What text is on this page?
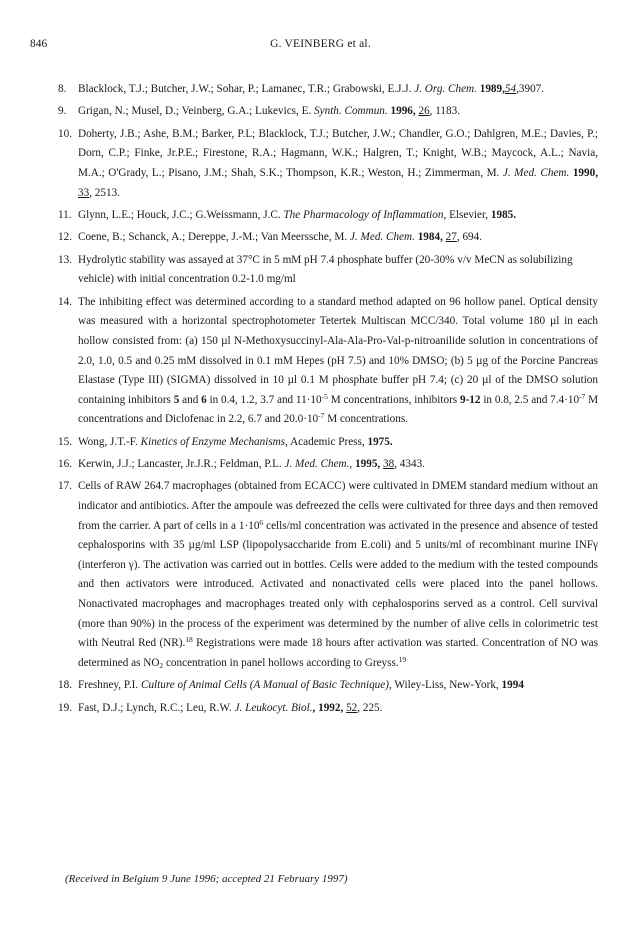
846	G. VEINBERG et al.
8.	Blacklock, T.J.; Butcher, J.W.; Sohar, P.; Lamanec, T.R.; Grabowski, E.J.J. J. Org. Chem. 1989,54,3907.
9.	Grigan, N.; Musel, D.; Veinberg, G.A.; Lukevics, E. Synth. Commun. 1996, 26, 1183.
10. Doherty, J.B.; Ashe, B.M.; Barker, P.L; Blacklock, T.J.; Butcher, J.W.; Chandler, G.O.; Dahlgren, M.E.; Davies, P.; Dorn, C.P.; Finke, Jr.P.E.; Firestone, R.A.; Hagmann, W.K.; Halgren, T.; Knight, W.B.; Maycock, A.L.; Navia, M.A.; O'Grady, L.; Pisano, J.M.; Shah, S.K.; Thompson, K.R.; Weston, H.; Zimmerman, M. J. Med. Chem. 1990, 33, 2513.
11. Glynn, L.E.; Houck, J.C.; G.Weissmann, J.C. The Pharmacology of Inflammation, Elsevier, 1985.
12. Coene, B.; Schanck, A.; Dereppe, J.-M.; Van Meerssche, M. J. Med. Chem. 1984, 27, 694.
13. Hydrolytic stability was assayed at 37°C in 5 mM pH 7.4 phosphate buffer (20-30% v/v MeCN as solubilizing vehicle) with initial concentration 0.2-1.0 mg/ml
14. The inhibiting effect was determined according to a standard method adapted on 96 hollow panel. Optical density was measured with a horizontal spectrophotometer Tetertek Multiscan MCC/340. Total volume 180 µl in each hollow consisted from: (a) 150 µl N-Methoxysuccinyl-Ala-Ala-Pro-Val-p-nitroanilide solution in concentrations of 2.0, 1.0, 0.5 and 0.25 mM dissolved in 0.1 mM Hepes (pH 7.5) and 10% DMSO; (b) 5 µg of the Porcine Pancreas Elastase (Type III) (SIGMA) dissolved in 10 µl 0.1 M phosphate buffer pH 7.4; (c) 20 µl of the DMSO solution containing inhibitors 5 and 6 in 0.4, 1.2, 3.7 and $11\cdot 10^{-5}$ M concentrations, inhibitors 9-12 in 0.8, 2.5 and $7.4\cdot 10^{-7}$ M concentrations and Diclofenac in 2.2, 6.7 and $20.0\cdot 10^{-7}$ M concentrations.
15. Wong, J.T.-F. Kinetics of Enzyme Mechanisms, Academic Press, 1975.
16. Kerwin, J.J.; Lancaster, Jr.J.R.; Feldman, P.L. J. Med. Chem., 1995, 38, 4343.
17. Cells of RAW 264.7 macrophages (obtained from ECACC) were cultivated in DMEM standard medium without an indicator and antibiotics. After the ampoule was defreezed the cells were cultivated for three days and then removed from the carrier. A part of cells in a $1\cdot 10^6$ cells/ml concentration was activated in the presence and absence of tested cephalosporins with 35 µg/ml LSP (lipopolysaccharide from E.coli) and 5 units/ml of recombinant murine INFγ (interferon γ). The activation was carried out in bottles. Cells were added to the medium with the tested compounds and then activators were introduced. Activated and nonactivated cells were placed into the panel hollows. Nonactivated macrophages and macrophages treated only with cephalosporins served as a control. Cell survival (more than 90%) in the process of the experiment was determined by the number of alive cells in colorimetric test with Neutral Red (NR).$^{18}$ Registrations were made 18 hours after activation was started. Concentration of NO was determined as $NO_2$ concentration in panel hollows according to Greyss.$^{19}$
18. Freshney, P.I. Culture of Animal Cells (A Manual of Basic Technique), Wiley-Liss, New-York, 1994
19. Fast, D.J.; Lynch, R.C.; Leu, R.W. J. Leukocyt. Biol., 1992, 52, 225.
(Received in Belgium 9 June 1996; accepted 21 February 1997)
